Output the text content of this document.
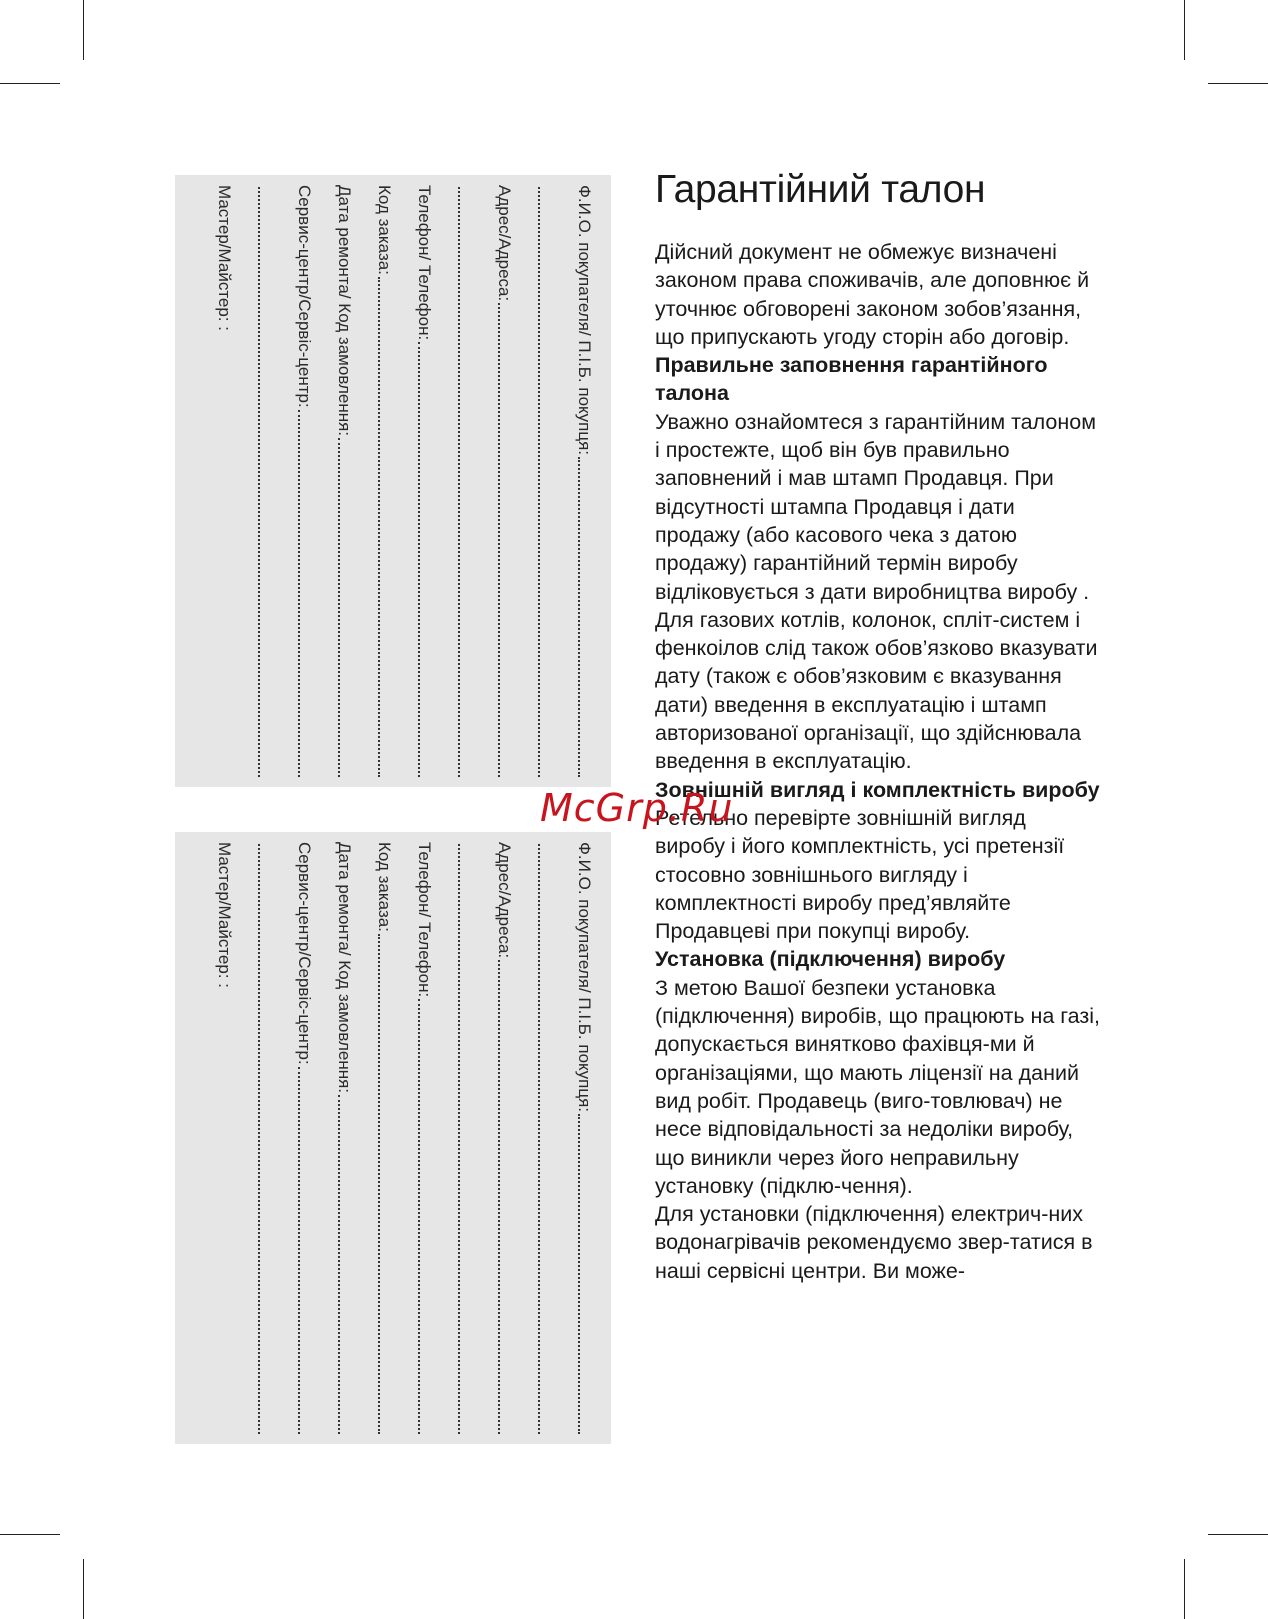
Ф.И.О. покупателя/ П.І.Б. покупця:
Адрес/Адреса:
Телефон/ Телефон:
Код заказа:
Дата ремонта/ Код замовлення:
Сервис-центр/Сервіс-центр:
Мастер/Майстер: :
Ф.И.О. покупателя/ П.І.Б. покупця:
Адрес/Адреса:
Телефон/ Телефон:
Код заказа:
Дата ремонта/ Код замовлення:
Сервис-центр/Сервіс-центр:
Мастер/Майстер: :
Гарантійний талон

Дійсний документ не обмежує визначені законом права споживачів, але доповнює й уточнює обговорені законом зобов’язання, що припускають угоду сторін або договір.

Правильне заповнення гарантійного талона

Уважно ознайомтеся з гарантійним талоном і простежте, щоб він був правильно заповнений і мав штамп Продавця. При відсутності штампа Продавця і дати продажу (або касового чека з датою продажу) гарантійний термін виробу відліковується з дати виробництва виробу . Для газових котлів, колонок, спліт-систем і фенкоілов слід також обов’язково вказувати дату (також є обов’язковим є вказування дати) введення в експлуатацію і штамп авторизованої організації, що здійснювала введення в експлуатацію.

Зовнішній вигляд і комплектність виробу

Ретельно перевірте зовнішній вигляд виробу і його комплектність, усі претензії стосовно зовнішнього вигляду і комплектності виробу пред’являйте Продавцеві при покупці виробу.

Установка (підключення) виробу

З метою Вашої безпеки установка (підключення) виробів, що працюють на газі, допускається винятково фахівця-ми й організаціями, що мають ліцензії на даний вид робіт. Продавець (виго-товлювач) не несе відповідальності за недоліки виробу, що виникли через його неправильну установку (підклю-чення).

Для установки (підключення) електрич-них водонагрівачів рекомендуємо звер-татися в наші сервісні центри. Ви може-

McGrp.Ru
